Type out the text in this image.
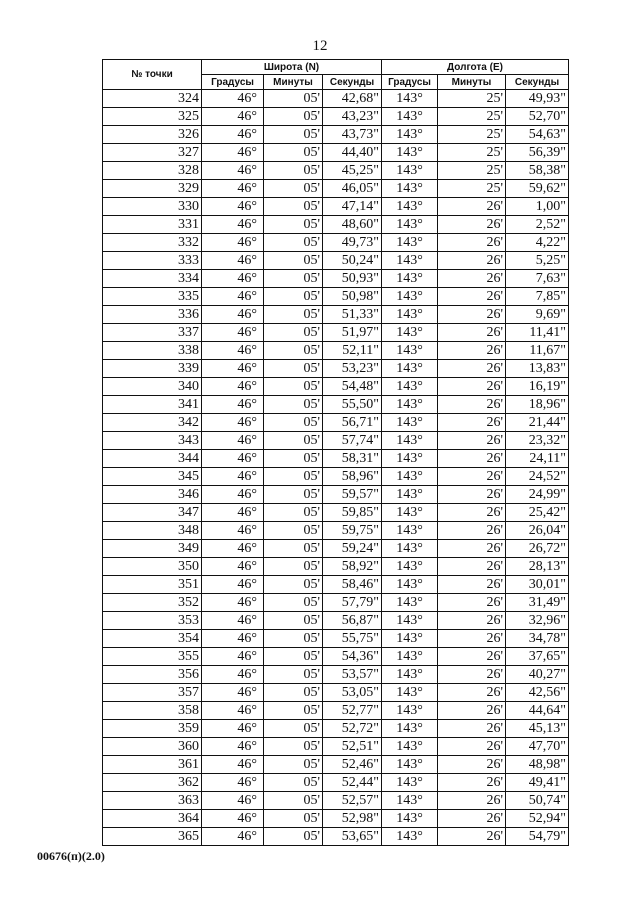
12
№ точки	Широта (N)			Долгота (E)		
	Градусы	Минуты	Секунды	Градусы	Минуты	Секунды
324	46°	05'	42,68"	143°	25'	49,93"
325	46°	05'	43,23"	143°	25'	52,70"
326	46°	05'	43,73"	143°	25'	54,63"
327	46°	05'	44,40"	143°	25'	56,39"
328	46°	05'	45,25"	143°	25'	58,38"
329	46°	05'	46,05"	143°	25'	59,62"
330	46°	05'	47,14"	143°	26'	1,00"
331	46°	05'	48,60"	143°	26'	2,52"
332	46°	05'	49,73"	143°	26'	4,22"
333	46°	05'	50,24"	143°	26'	5,25"
334	46°	05'	50,93"	143°	26'	7,63"
335	46°	05'	50,98"	143°	26'	7,85"
336	46°	05'	51,33"	143°	26'	9,69"
337	46°	05'	51,97"	143°	26'	11,41"
338	46°	05'	52,11"	143°	26'	11,67"
339	46°	05'	53,23"	143°	26'	13,83"
340	46°	05'	54,48"	143°	26'	16,19"
341	46°	05'	55,50"	143°	26'	18,96"
342	46°	05'	56,71"	143°	26'	21,44"
343	46°	05'	57,74"	143°	26'	23,32"
344	46°	05'	58,31"	143°	26'	24,11"
345	46°	05'	58,96"	143°	26'	24,52"
346	46°	05'	59,57"	143°	26'	24,99"
347	46°	05'	59,85"	143°	26'	25,42"
348	46°	05'	59,75"	143°	26'	26,04"
349	46°	05'	59,24"	143°	26'	26,72"
350	46°	05'	58,92"	143°	26'	28,13"
351	46°	05'	58,46"	143°	26'	30,01"
352	46°	05'	57,79"	143°	26'	31,49"
353	46°	05'	56,87"	143°	26'	32,96"
354	46°	05'	55,75"	143°	26'	34,78"
355	46°	05'	54,36"	143°	26'	37,65"
356	46°	05'	53,57"	143°	26'	40,27"
357	46°	05'	53,05"	143°	26'	42,56"
358	46°	05'	52,77"	143°	26'	44,64"
359	46°	05'	52,72"	143°	26'	45,13"
360	46°	05'	52,51"	143°	26'	47,70"
361	46°	05'	52,46"	143°	26'	48,98"
362	46°	05'	52,44"	143°	26'	49,41"
363	46°	05'	52,57"	143°	26'	50,74"
364	46°	05'	52,98"	143°	26'	52,94"
365	46°	05'	53,65"	143°	26'	54,79"
00676(п)(2.0)
